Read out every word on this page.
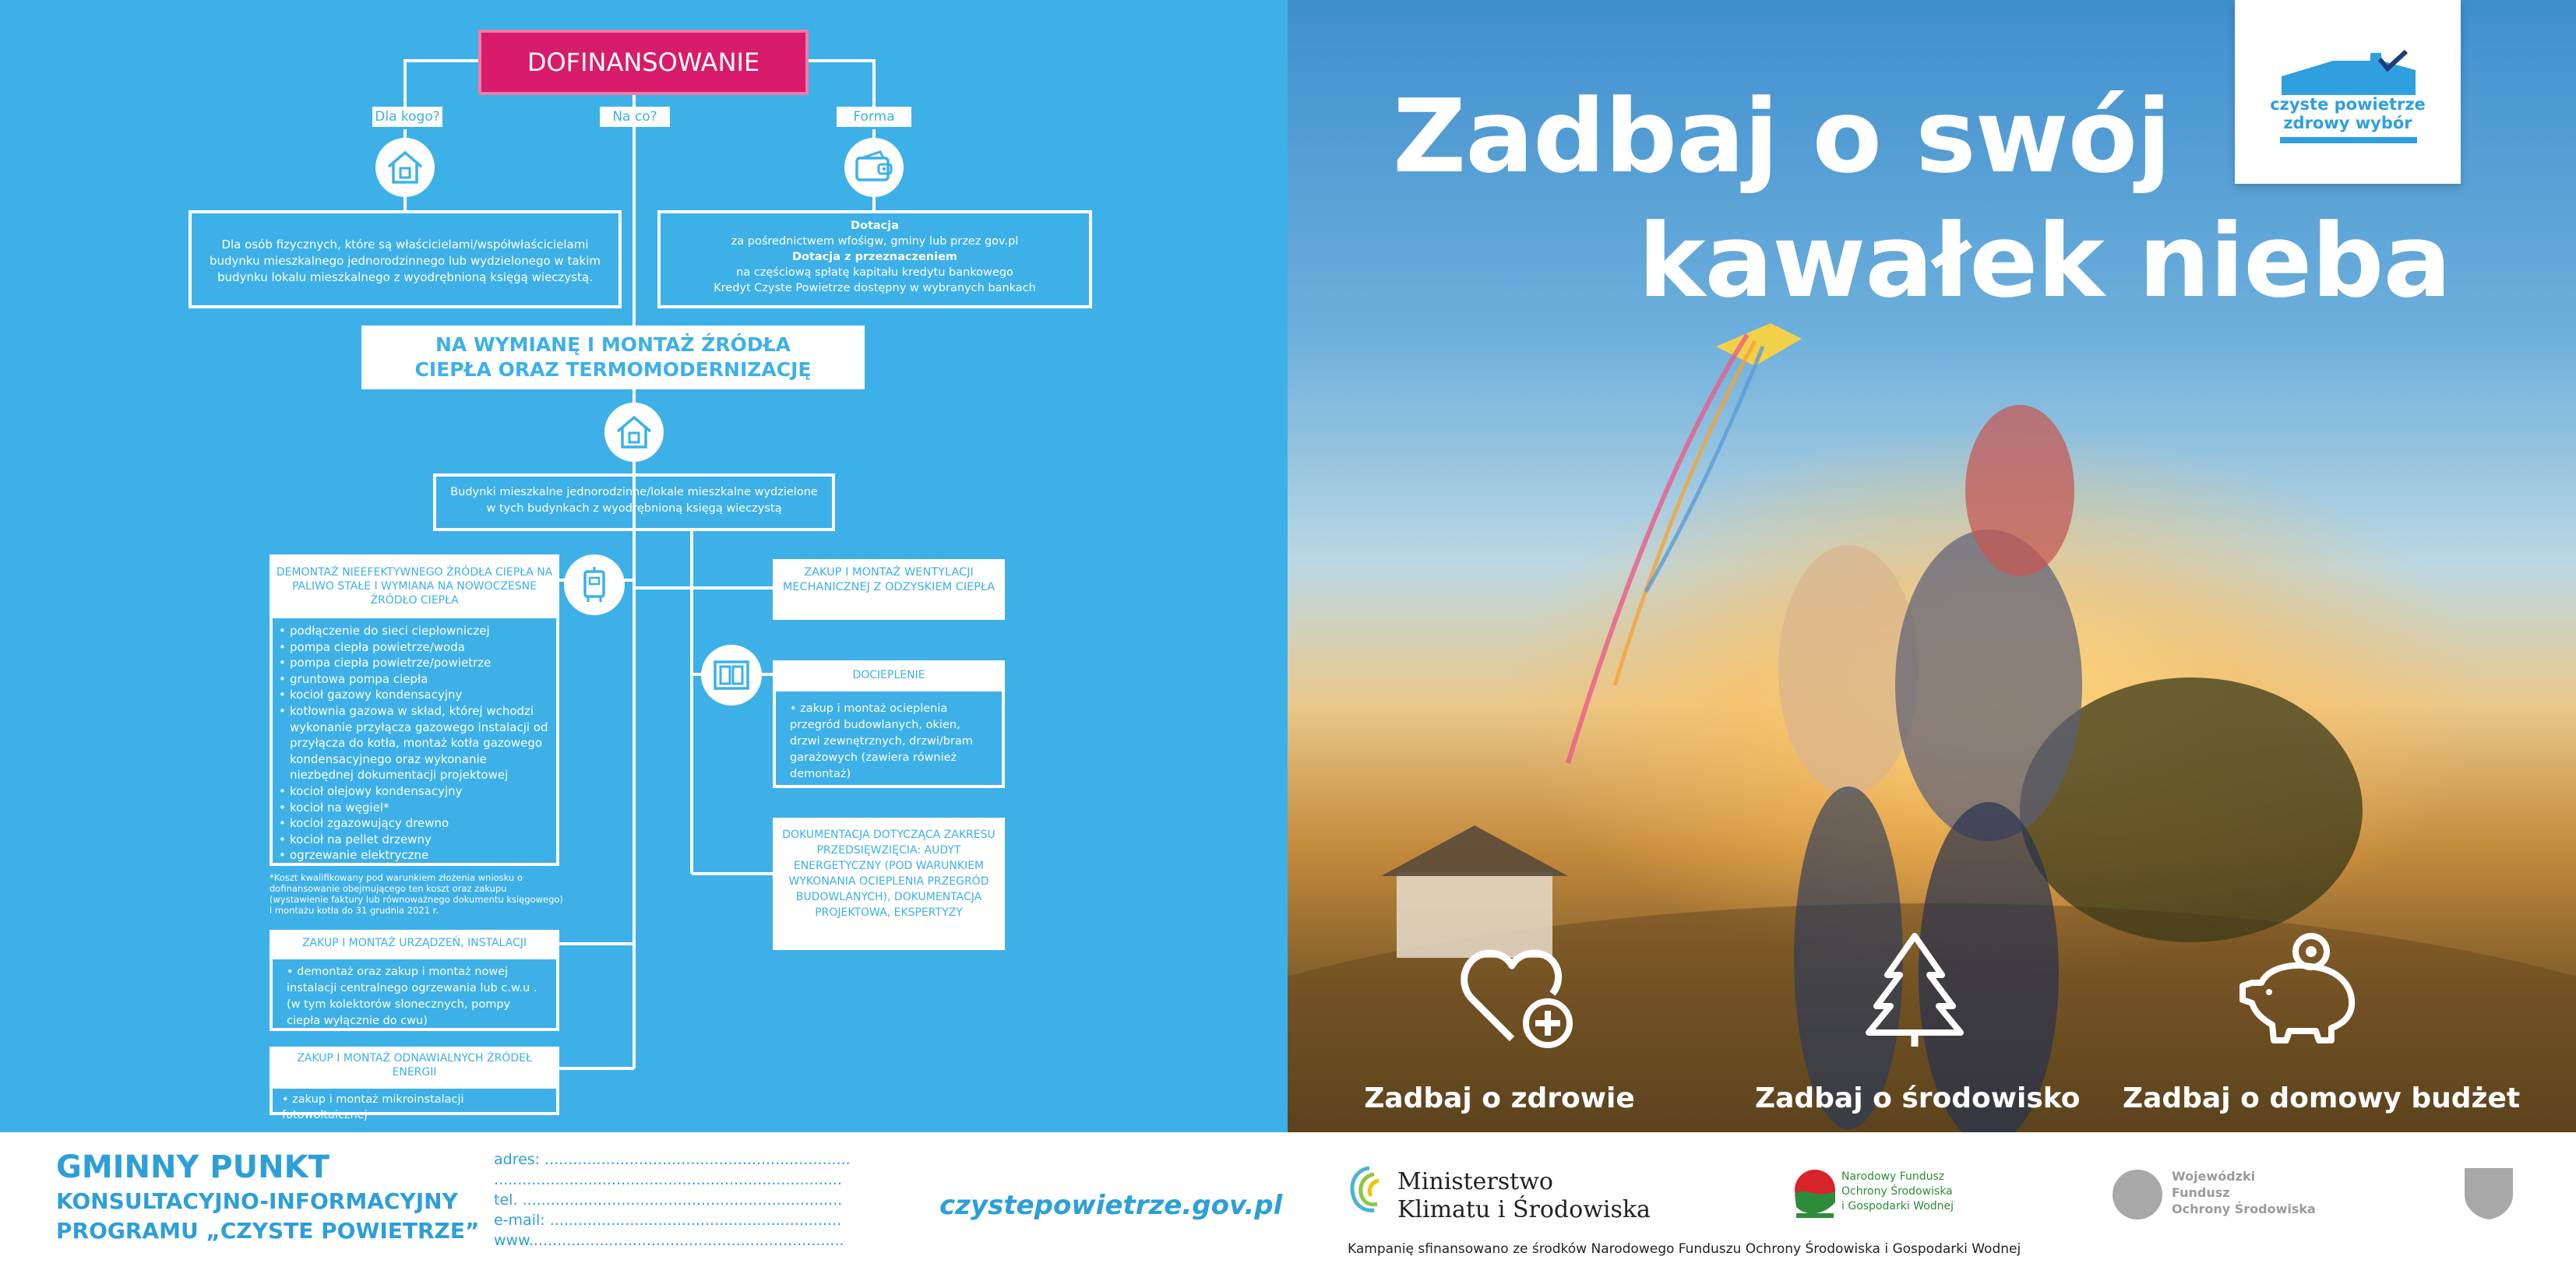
DOFINANSOWANIE
Dla kogo?	Na co?	Forma
Dla osób fizycznych, które są właścicielami/współwłaścicielami budynku mieszkalnego jednorodzinnego lub wydzielonego w takim budynku lokalu mieszkalnego z wyodrębnioną księgą wieczystą.
Dotacja
za pośrednictwem wfośigw, gminy lub przez gov.pl
Dotacja z przeznaczeniem
na częściową spłatę kapitału kredytu bankowego
Kredyt Czyste Powietrze dostępny w wybranych bankach
NA WYMIANĘ I MONTAŻ ŹRÓDŁA CIEPŁA ORAZ TERMOMODERNIZACJĘ
Budynki mieszkalne jednorodzinne/lokale mieszkalne wydzielone w tych budynkach z wyodrębnioną księgą wieczystą
DEMONTAŻ NIEEFEKTYWNEGO ŹRÓDŁA CIEPŁA NA PALIWO STAŁE I WYMIANA NA NOWOCZESNE ŹRÓDŁO CIEPŁA
• podłączenie do sieci ciepłowniczej
• pompa ciepła powietrze/woda
• pompa ciepła powietrze/powietrze
• gruntowa pompa ciepła
• kocioł gazowy kondensacyjny
• kotłownia gazowa w skład, której wchodzi wykonanie przyłącza gazowego instalacji od przyłącza do kotła, montaż kotła gazowego kondensacyjnego oraz wykonanie niezbędnej dokumentacji projektowej
• kocioł olejowy kondensacyjny
• kocioł na węgiel*
• kocioł zgazowujący drewno
• kocioł na pellet drzewny
• ogrzewanie elektryczne
*Koszt kwalifikowany pod warunkiem złożenia wniosku o dofinansowanie obejmującego ten koszt oraz zakupu (wystawienie faktury lub równoważnego dokumentu księgowego) i montażu kotła do 31 grudnia 2021 r.
ZAKUP I MONTAŻ URZĄDZEŃ, INSTALACJI
• demontaż oraz zakup i montaż nowej instalacji centralnego ogrzewania lub c.w.u . (w tym kolektorów słonecznych, pompy ciepła wyłącznie do cwu)
ZAKUP I MONTAŻ ODNAWIALNYCH ŹRÓDEŁ ENERGII
• zakup i montaż mikroinstalacji fotowoltaicznej
ZAKUP I MONTAŻ WENTYLACJI MECHANICZNEJ Z ODZYSKIEM CIEPŁA
DOCIEPLENIE
• zakup i montaż ocieplenia przegród budowlanych, okien, drzwi zewnętrznych, drzwi/bram garażowych (zawiera również demontaż)
DOKUMENTACJA DOTYCZĄCA ZAKRESU PRZEDSIĘWZIĘCIA: AUDYT ENERGETYCZNY (POD WARUNKIEM WYKONANIA OCIEPLENIA PRZEGRÓD BUDOWLANYCH), DOKUMENTACJA PROJEKTOWA, EKSPERTYZY
czyste powietrze
zdrowy wybór
Zadbaj o swój
kawałek nieba
Zadbaj o zdrowie	Zadbaj o środowisko Zadbaj o domowy budżet
GMINNY PUNKT
KONSULTACYJNO-INFORMACYJNY
PROGRAMU „CZYSTE POWIETRZE”
adres: .................................................................
..........................................................................
tel. ....................................................................
e-mail: ..............................................................
www...................................................................
czystepowietrze.gov.pl
Ministerstwo
Klimatu i Środowiska
Narodowy Fundusz
Ochrony Środowiska
i Gospodarki Wodnej
Wojewódzki
Fundusz
Ochrony Środowiska
Kampanię sfinansowano ze środków Narodowego Funduszu Ochrony Środowiska i Gospodarki Wodnej
